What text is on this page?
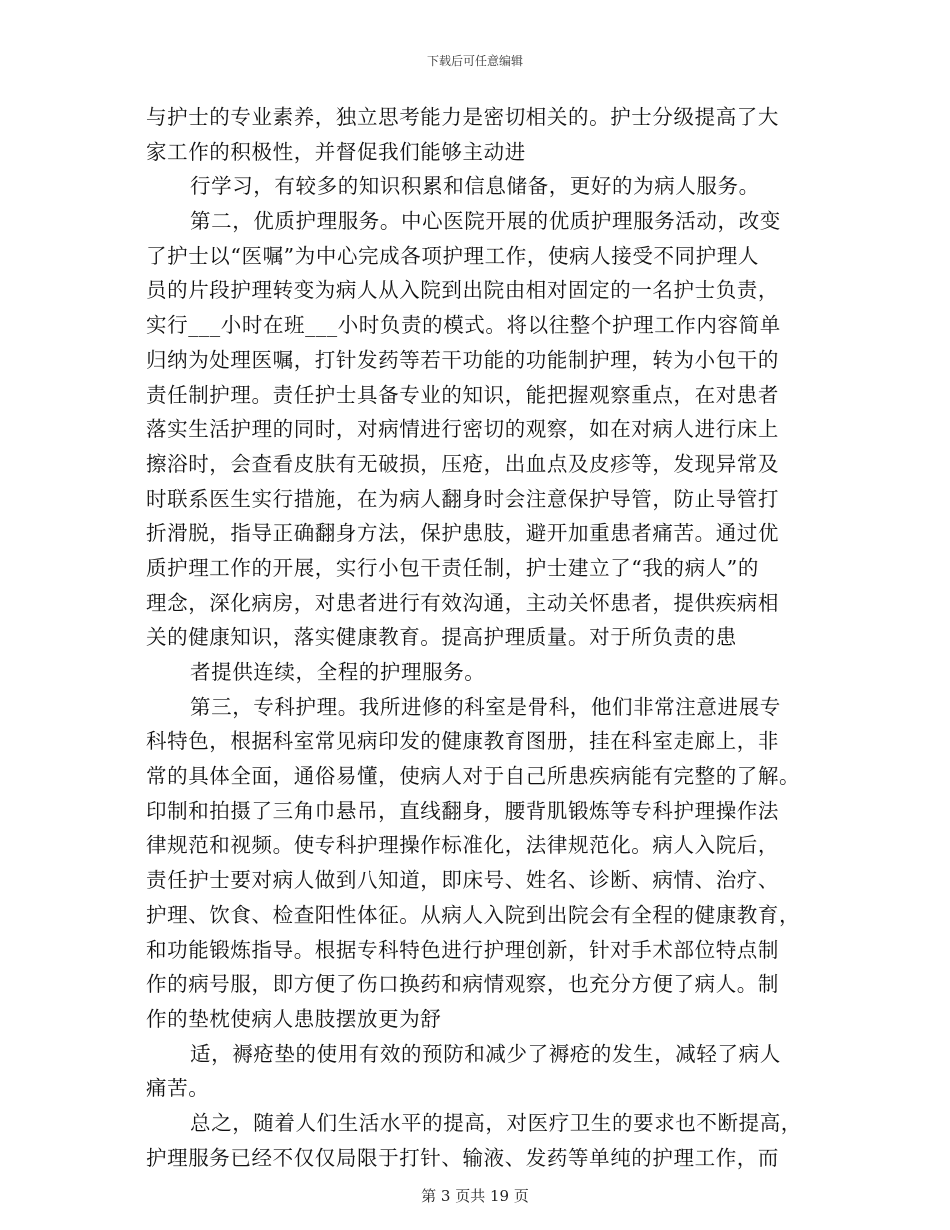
下载后可任意编辑
与护士的专业素养，独立思考能力是密切相关的。护士分级提高了大
家工作的积极性，并督促我们能够主动进
行学习，有较多的知识积累和信息储备，更好的为病人服务。
第二，优质护理服务。中心医院开展的优质护理服务活动，改变
了护士以“医嘱”为中心完成各项护理工作，使病人接受不同护理人
员的片段护理转变为病人从入院到出院由相对固定的一名护士负责，
实行___小时在班___小时负责的模式。将以往整个护理工作内容简单
归纳为处理医嘱，打针发药等若干功能的功能制护理，转为小包干的
责任制护理。责任护士具备专业的知识，能把握观察重点，在对患者
落实生活护理的同时，对病情进行密切的观察，如在对病人进行床上
擦浴时，会查看皮肤有无破损，压疮，出血点及皮疹等，发现异常及
时联系医生实行措施，在为病人翻身时会注意保护导管，防止导管打
折滑脱，指导正确翻身方法，保护患肢，避开加重患者痛苦。通过优
质护理工作的开展，实行小包干责任制，护士建立了“我的病人”的
理念，深化病房，对患者进行有效沟通，主动关怀患者，提供疾病相
关的健康知识，落实健康教育。提高护理质量。对于所负责的患
者提供连续，全程的护理服务。
第三，专科护理。我所进修的科室是骨科，他们非常注意进展专
科特色，根据科室常见病印发的健康教育图册，挂在科室走廊上，非
常的具体全面，通俗易懂，使病人对于自己所患疾病能有完整的了解。
印制和拍摄了三角巾悬吊，直线翻身，腰背肌锻炼等专科护理操作法
律规范和视频。使专科护理操作标准化，法律规范化。病人入院后，
责任护士要对病人做到八知道，即床号、姓名、诊断、病情、治疗、
护理、饮食、检查阳性体征。从病人入院到出院会有全程的健康教育，
和功能锻炼指导。根据专科特色进行护理创新，针对手术部位特点制
作的病号服，即方便了伤口换药和病情观察，也充分方便了病人。制
作的垫枕使病人患肢摆放更为舒
适，褥疮垫的使用有效的预防和减少了褥疮的发生，减轻了病人
痛苦。
总之，随着人们生活水平的提高，对医疗卫生的要求也不断提高，
护理服务已经不仅仅局限于打针、输液、发药等单纯的护理工作，而
第 3 页共 19 页
